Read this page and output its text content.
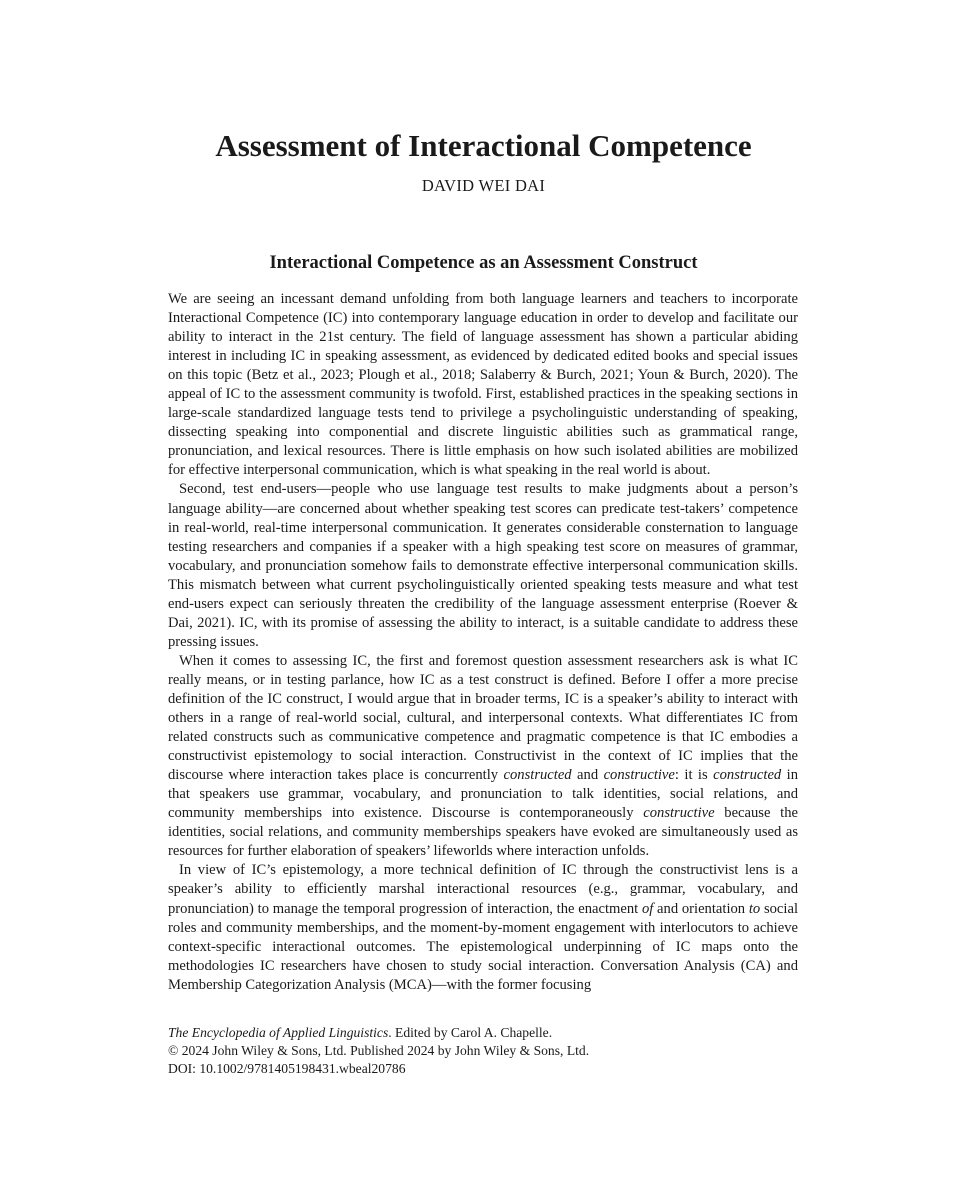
Assessment of Interactional Competence

DAVID WEI DAI

Interactional Competence as an Assessment Construct

We are seeing an incessant demand unfolding from both language learners and teachers to incorporate Interactional Competence (IC) into contemporary language education in order to develop and facilitate our ability to interact in the 21st century. The field of language assessment has shown a particular abiding interest in including IC in speaking assessment, as evidenced by dedicated edited books and special issues on this topic (Betz et al., 2023; Plough et al., 2018; Salaberry & Burch, 2021; Youn & Burch, 2020). The appeal of IC to the assessment community is twofold. First, established practices in the speaking sections in large-scale standardized language tests tend to privilege a psycholinguistic understanding of speaking, dissecting speaking into componential and discrete linguistic abilities such as grammatical range, pronunciation, and lexical resources. There is little emphasis on how such isolated abilities are mobilized for effective interpersonal communication, which is what speaking in the real world is about.

Second, test end-users—people who use language test results to make judgments about a person’s language ability—are concerned about whether speaking test scores can predicate test-takers’ competence in real-world, real-time interpersonal communication. It generates considerable consternation to language testing researchers and companies if a speaker with a high speaking test score on measures of grammar, vocabulary, and pronunciation somehow fails to demonstrate effective interpersonal communication skills. This mismatch between what current psycholinguistically oriented speaking tests measure and what test end-users expect can seriously threaten the credibility of the language assessment enterprise (Roever & Dai, 2021). IC, with its promise of assessing the ability to interact, is a suitable candidate to address these pressing issues.

When it comes to assessing IC, the first and foremost question assessment researchers ask is what IC really means, or in testing parlance, how IC as a test construct is defined. Before I offer a more precise definition of the IC construct, I would argue that in broader terms, IC is a speaker’s ability to interact with others in a range of real-world social, cultural, and interpersonal contexts. What differentiates IC from related constructs such as communicative competence and pragmatic competence is that IC embodies a constructivist epistemology to social interaction. Constructivist in the context of IC implies that the discourse where interaction takes place is concurrently constructed and constructive: it is constructed in that speakers use grammar, vocabulary, and pronunciation to talk identities, social relations, and community memberships into existence. Discourse is contemporaneously constructive because the identities, social relations, and community memberships speakers have evoked are simultaneously used as resources for further elaboration of speakers’ lifeworlds where interaction unfolds.

In view of IC’s epistemology, a more technical definition of IC through the constructivist lens is a speaker’s ability to efficiently marshal interactional resources (e.g., grammar, vocabulary, and pronunciation) to manage the temporal progression of interaction, the enactment of and orientation to social roles and community memberships, and the moment-by-moment engagement with interlocutors to achieve context-specific interactional outcomes. The epistemological underpinning of IC maps onto the methodologies IC researchers have chosen to study social interaction. Conversation Analysis (CA) and Membership Categorization Analysis (MCA)—with the former focusing

The Encyclopedia of Applied Linguistics. Edited by Carol A. Chapelle.
© 2024 John Wiley & Sons, Ltd. Published 2024 by John Wiley & Sons, Ltd.
DOI: 10.1002/9781405198431.wbeal20786
